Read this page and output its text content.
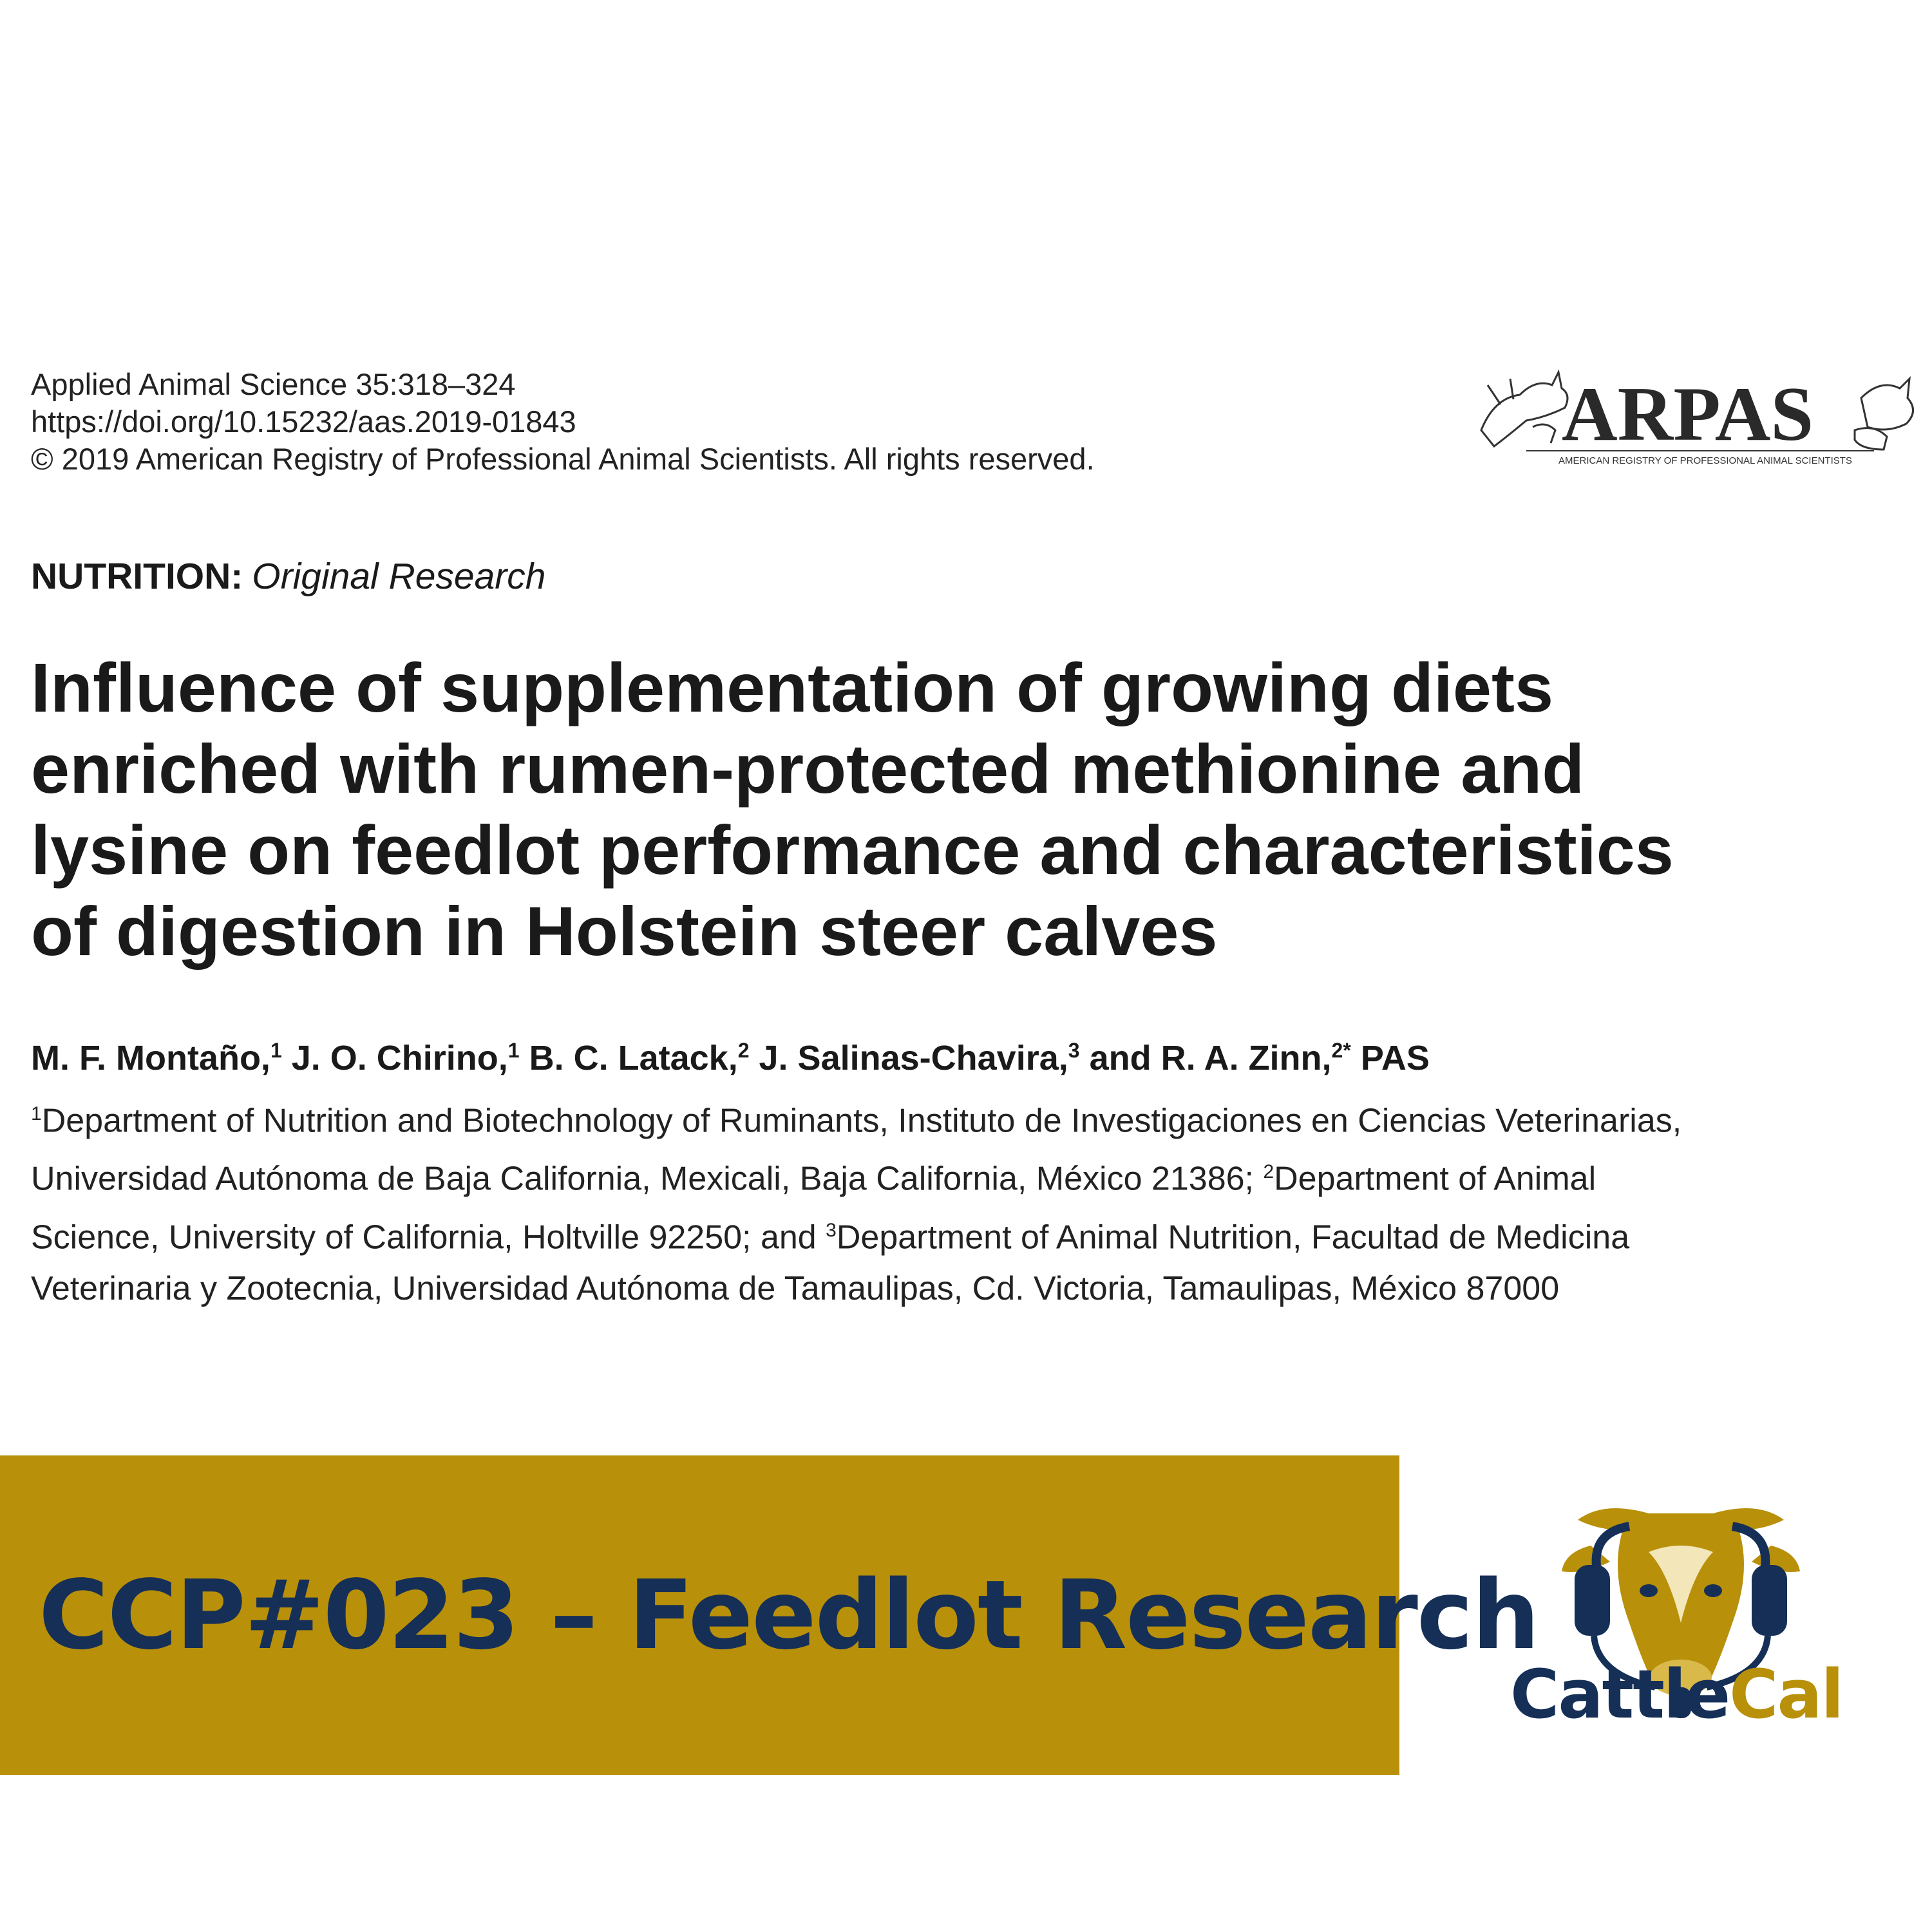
Applied Animal Science 35:318–324
https://doi.org/10.15232/aas.2019-01843
© 2019 American Registry of Professional Animal Scientists. All rights reserved.
ARPAS
AMERICAN REGISTRY OF PROFESSIONAL ANIMAL SCIENTISTS
NUTRITION: Original Research
Influence of supplementation of growing diets
enriched with rumen-protected methionine and
lysine on feedlot performance and characteristics
of digestion in Holstein steer calves
M. F. Montaño,$^1$ J. O. Chirino,$^1$ B. C. Latack,$^2$ J. Salinas-Chavira,$^3$ and R. A. Zinn,$^{2*}$ PAS
$^1$Department of Nutrition and Biotechnology of Ruminants, Instituto de Investigaciones en Ciencias Veterinarias,
Universidad Autónoma de Baja California, Mexicali, Baja California, México 21386; $^2$Department of Animal
Science, University of California, Holtville 92250; and $^3$Department of Animal Nutrition, Facultad de Medicina
Veterinaria y Zootecnia, Universidad Autónoma de Tamaulipas, Cd. Victoria, Tamaulipas, México 87000
CCP#023 – Feedlot Research
CattleCal
